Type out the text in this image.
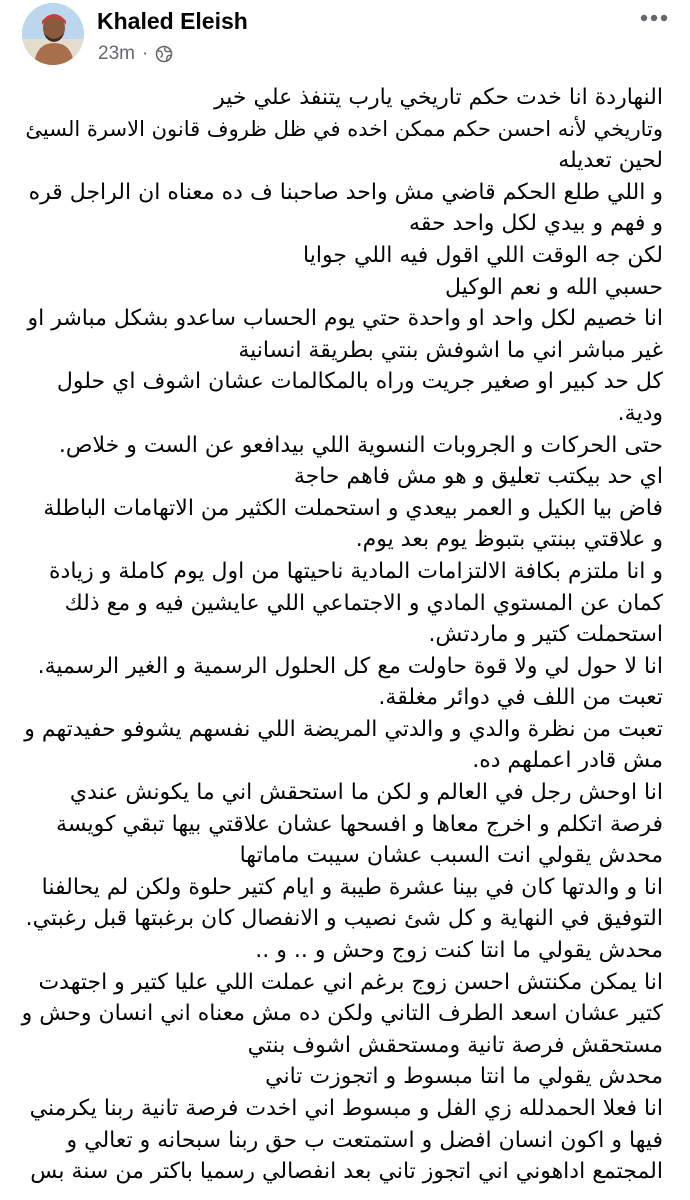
Khaled Eleish
23m ·
النهاردة انا خدت حكم تاريخي يارب يتنفذ علي خير
وتاريخي لأنه احسن حكم ممكن اخده في ظل ظروف قانون الاسرة السيئ
لحين تعديله
و اللي طلع الحكم قاضي مش واحد صاحبنا ف ده معناه ان الراجل قره
و فهم و بيدي لكل واحد حقه
لكن جه الوقت اللي اقول فيه اللي جوايا
حسبي الله و نعم الوكيل
انا خصيم لكل واحد او واحدة حتي يوم الحساب ساعدو بشكل مباشر او
غير مباشر اني ما اشوفش بنتي بطريقة انسانية
كل حد كبير او صغير جريت وراه بالمكالمات عشان اشوف اي حلول
ودية.
حتى الحركات و الجروبات النسوية اللي بيدافعو عن الست و خلاص.
اي حد بيكتب تعليق و هو مش فاهم حاجة
فاض بيا الكيل و العمر بيعدي و استحملت الكثير من الاتهامات الباطلة
و علاقتي ببنتي بتبوظ يوم بعد يوم.
و انا ملتزم بكافة الالتزامات المادية ناحيتها من اول يوم كاملة و زيادة
كمان عن المستوي المادي و الاجتماعي اللي عايشين فيه و مع ذلك
استحملت كتير و ماردتش.
انا لا حول لي ولا قوة حاولت مع كل الحلول الرسمية و الغير الرسمية.
تعبت من اللف في دوائر مغلقة.
تعبت من نظرة والدي و والدتي المريضة اللي نفسهم يشوفو حفيدتهم و
مش قادر اعملهم ده.
انا اوحش رجل في العالم و لكن ما استحقش اني ما يكونش عندي
فرصة اتكلم و اخرج معاها و افسحها عشان علاقتي بيها تبقي كويسة
محدش يقولي انت السبب عشان سيبت ماماتها
انا و والدتها كان في بينا عشرة طيبة و ايام كتير حلوة ولكن لم يحالفنا
التوفيق في النهاية و كل شئ نصيب و الانفصال كان برغبتها قبل رغبتي.
محدش يقولي ما انتا كنت زوج وحش و .. و ..
انا يمكن مكنتش احسن زوج برغم اني عملت اللي عليا كتير و اجتهدت
كتير عشان اسعد الطرف التاني ولكن ده مش معناه اني انسان وحش و
مستحقش فرصة تانية ومستحقش اشوف بنتي
محدش يقولي ما انتا مبسوط و اتجوزت تاني
انا فعلا الحمدلله زي الفل و مبسوط اني اخدت فرصة تانية ربنا يكرمني
فيها و اكون انسان افضل و استمتعت ب حق ربنا سبحانه و تعالي و
المجتمع اداهوني اني اتجوز تاني بعد انفصالي رسميا باكتر من سنة بس
